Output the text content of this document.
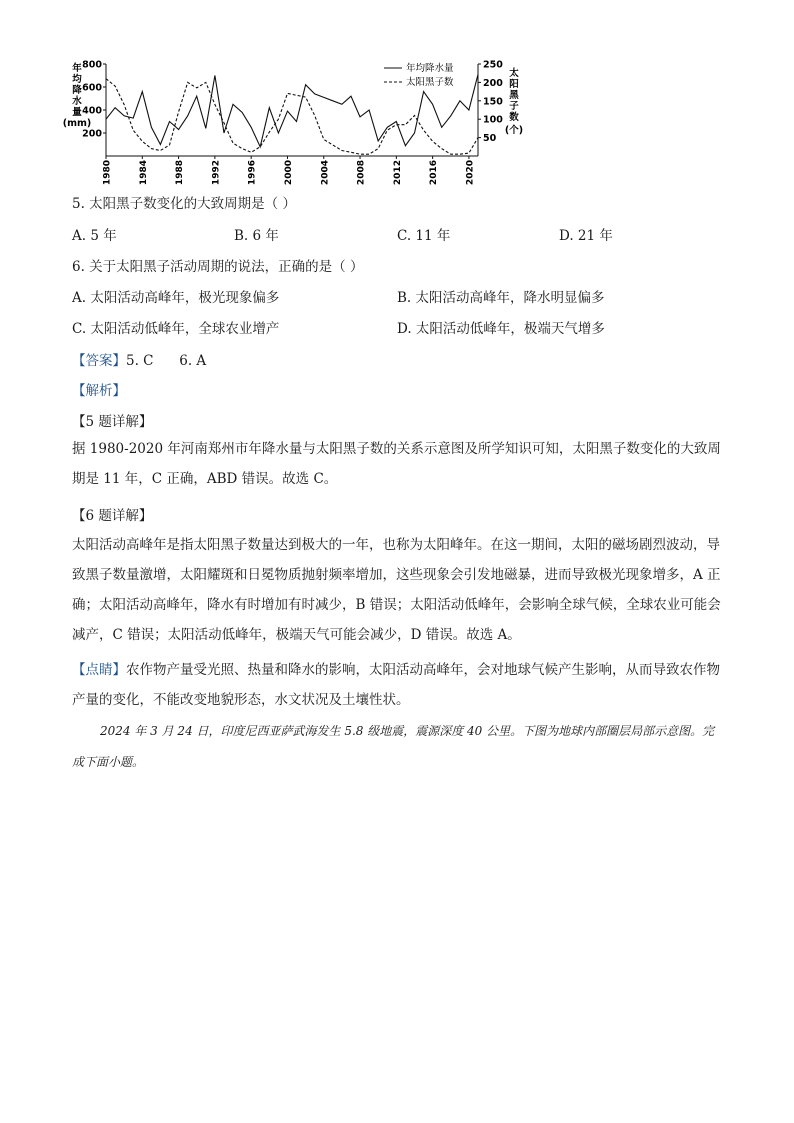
年
均
降
水
量
(mm)
200
400
600
800
太
阳
黑
子
数
(个)
50
100
150
200
250
1980	1984	1988	1992	1996	2000	2004	2008	2012	2016	2020
年均降水量
太阳黑子数
5. 太阳黑子数变化的大致周期是（ ）
A. 5 年	B. 6 年	C. 11 年	D. 21 年
6. 关于太阳黑子活动周期的说法，正确的是（ ）
A. 太阳活动高峰年，极光现象偏多	B. 太阳活动高峰年，降水明显偏多
C. 太阳活动低峰年，全球农业增产	D. 太阳活动低峰年，极端天气增多
【答案】5. C      6. A
【解析】
【5 题详解】
据 1980-2020 年河南郑州市年降水量与太阳黑子数的关系示意图及所学知识可知，太阳黑子数变化的大致周期是 11 年，C 正确，ABD 错误。故选 C。
【6 题详解】
太阳活动高峰年是指太阳黑子数量达到极大的一年，也称为太阳峰年。在这一期间，太阳的磁场剧烈波动，导致黑子数量激增，太阳耀斑和日冕物质抛射频率增加，这些现象会引发地磁暴，进而导致极光现象增多，A 正确；太阳活动高峰年，降水有时增加有时减少，B 错误；太阳活动低峰年，会影响全球气候，全球农业可能会减产，C 错误；太阳活动低峰年，极端天气可能会减少，D 错误。故选 A。
【点睛】农作物产量受光照、热量和降水的影响，太阳活动高峰年，会对地球气候产生影响，从而导致农作物产量的变化，不能改变地貌形态，水文状况及土壤性状。
2024 年 3 月 24 日，印度尼西亚萨武海发生 5.8 级地震，震源深度 40 公里。下图为地球内部圈层局部示意图。完成下面小题。
